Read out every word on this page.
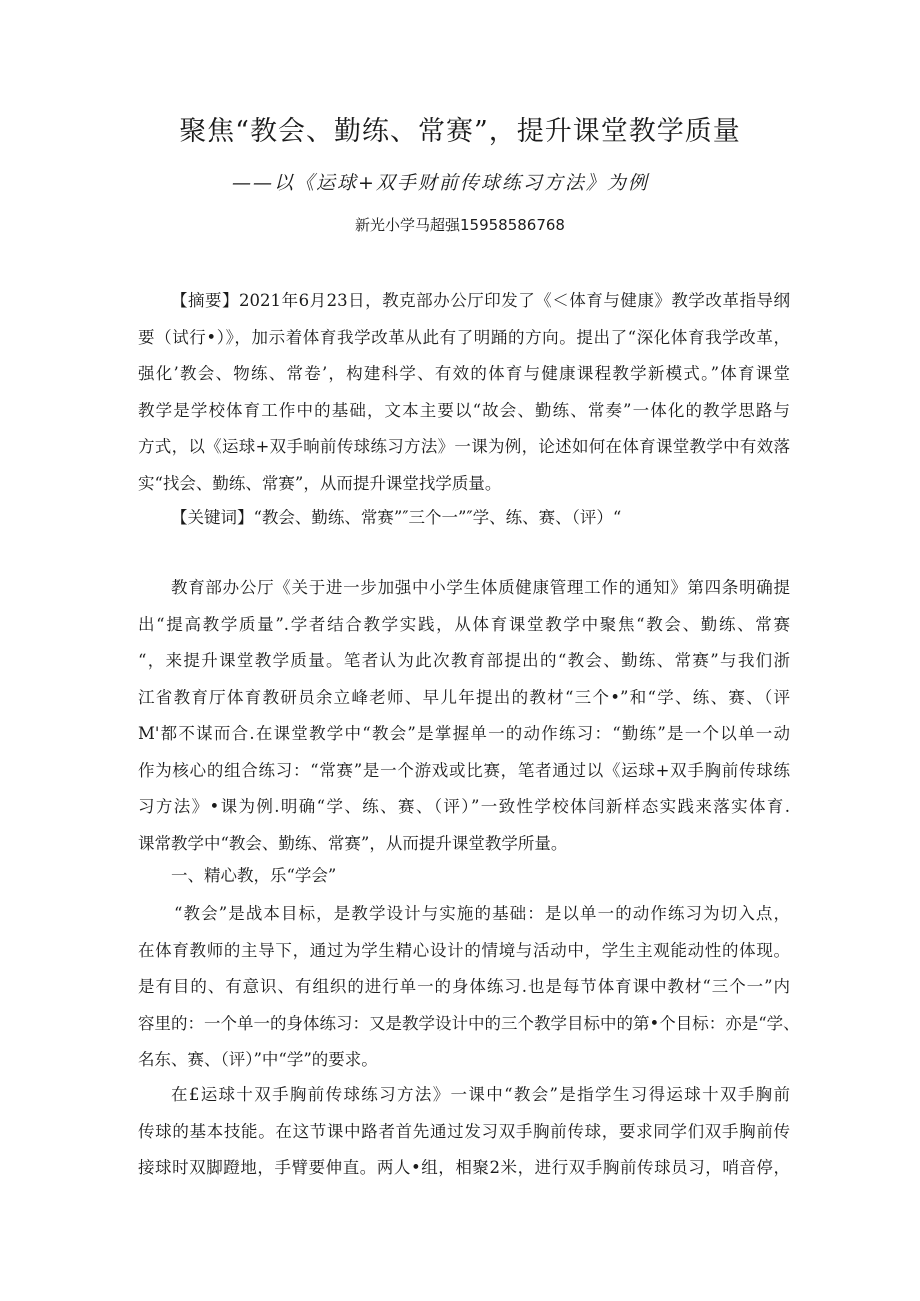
聚焦“教会、勤练、常赛”，提升课堂教学质量
——以《运球+双手财前传球练习方法》为例
新光小学马超强15958586768
【摘要】2021年6月23日，教克部办公厅印发了《＜体育与健康》教学改革指导纲
要（试行•）》，加示着体育我学改革从此有了明踊的方向。提出了“深化体育我学改革，
强化’教会、物练、常卷’，构建科学、有效的体育与健康课程教学新模式。”体育课堂
教学是学校体育工作中的基础，文本主要以“故会、勤练、常奏”一体化的教学思路与
方式，以《运球+双手晌前传球练习方法》一课为例，论述如何在体育课堂教学中有效落
实“找会、勤练、常赛”，从而提升课堂找学质量。
【关键词】“教会、勤练、常赛”″三个一”″学、练、赛、（评）“
教育部办公厅《关于进一步加强中小学生体质健康管理工作的通知》第四条明确提
出“提高教学质量”.学者结合教学实践，从体育课堂教学中聚焦“教会、勤练、常赛
“，来提升课堂教学质量。笔者认为此次教育部提出的“教会、勤练、常赛”与我们浙
江省教育厅体育教研员余立峰老师、早儿年提出的教材“三个•”和“学、练、赛、（评
M'都不谋而合.在课堂教学中“教会”是掌握单一的动作练习：“勤练”是一个以单一动
作为核心的组合练习：“常赛”是一个游戏或比赛，笔者通过以《运球+双手胸前传球练
习方法》•课为例.明确“学、练、赛、（评）”一致性学校体闫新样态实践来落实体育.
课常教学中“教会、勤练、常赛”，从而提升课堂教学所量。
一、精心教，乐“学会”
“教会”是战本目标，是教学设计与实施的基础：是以单一的动作练习为切入点，
在体育教师的主导下，通过为学生精心设计的情境与活动中，学生主观能动性的体现。
是有目的、有意识、有组织的进行单一的身体练习.也是每节体育课中教材“三个一”内
容里的：一个单一的身体练习：又是教学设计中的三个教学目标中的第•个目标：亦是“学、
名东、赛、（评）”中“学”的要求。
在£运球十双手胸前传球练习方法》一课中“教会”是指学生习得运球十双手胸前
传球的基本技能。在这节课中路者首先通过发习双手胸前传球，要求同学们双手胸前传
接球时双脚蹬地，手臂要伸直。两人•组，相聚2米，进行双手胸前传球员习，哨音停，
